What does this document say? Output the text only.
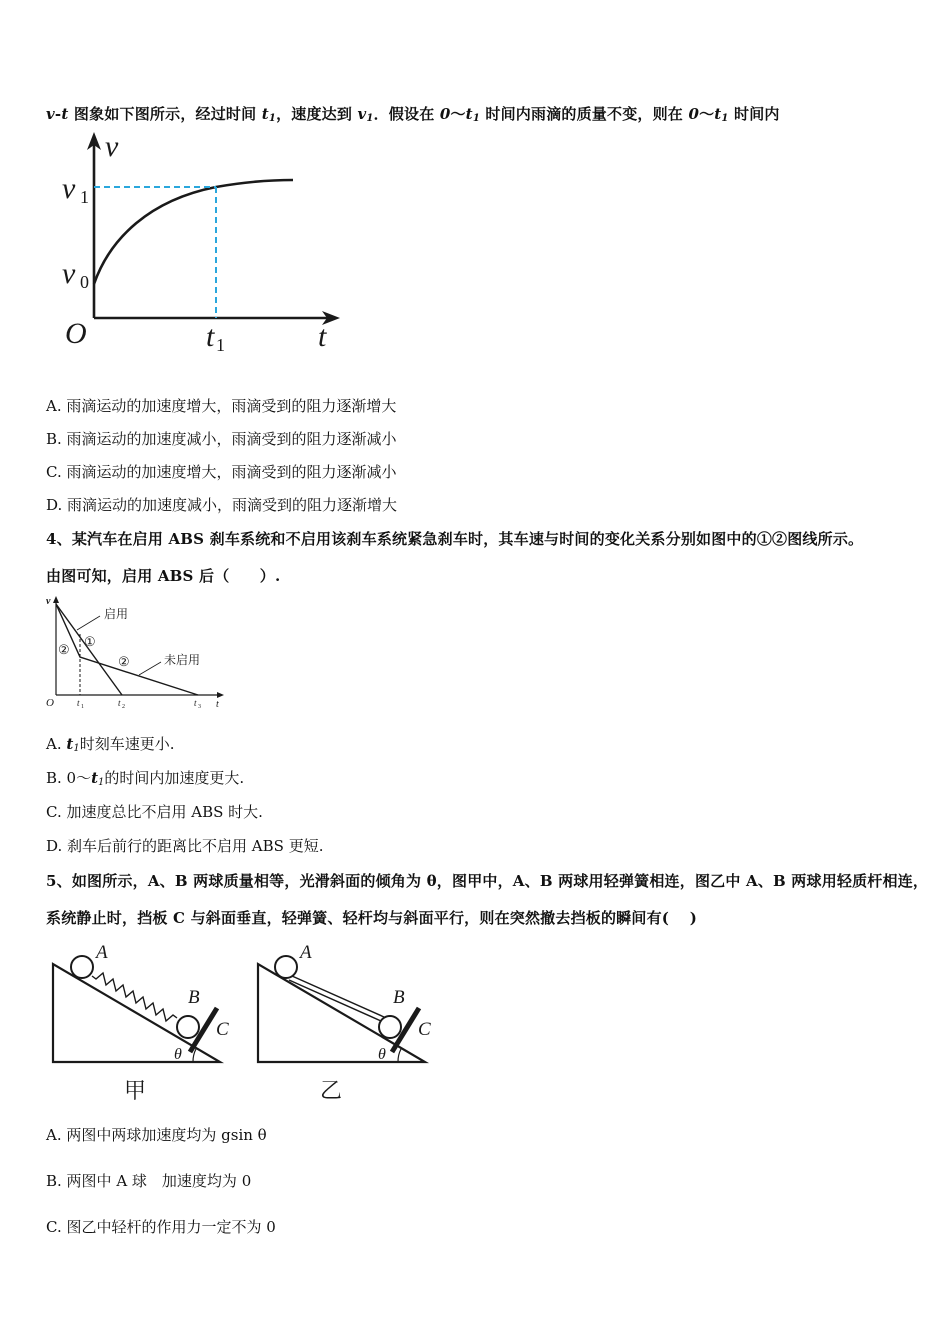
v-t 图象如下图所示，经过时间 $t_1$，速度达到 $v_1$．假设在 $0\sim t_1$ 时间内雨滴的质量不变，则在 $0\sim t_1$ 时间内
v
v 1
v 0
O	t 1	t
A. 雨滴运动的加速度增大，雨滴受到的阻力逐渐增大
B. 雨滴运动的加速度减小，雨滴受到的阻力逐渐减小
C. 雨滴运动的加速度增大，雨滴受到的阻力逐渐减小
D. 雨滴运动的加速度减小，雨滴受到的阻力逐渐增大
4、某汽车在启用 ABS 刹车系统和不启用该刹车系统紧急刹车时，其车速与时间的变化关系分别如图中的①②图线所示。
由图可知，启用 ABS 后（　　）.
v
t
O
启用
未启用
①
②
②
t 1	t 2	t 3
A. $t_1$时刻车速更小.
B. $0\sim t_1$的时间内加速度更大.
C. 加速度总比不启用 ABS 时大.
D. 刹车后前行的距离比不启用 ABS 更短.
5、如图所示，A、B 两球质量相等，光滑斜面的倾角为 θ，图甲中，A、B 两球用轻弹簧相连，图乙中 A、B 两球用轻质杆相连，
系统静止时，挡板 C 与斜面垂直，轻弹簧、轻杆均与斜面平行，则在突然撤去挡板的瞬间有(　 )
A
B
C
θ
甲
A
B
C
θ
乙
A. 两图中两球加速度均为 gsin θ
B. 两图中 A 球　加速度均为 0
C. 图乙中轻杆的作用力一定不为 0
